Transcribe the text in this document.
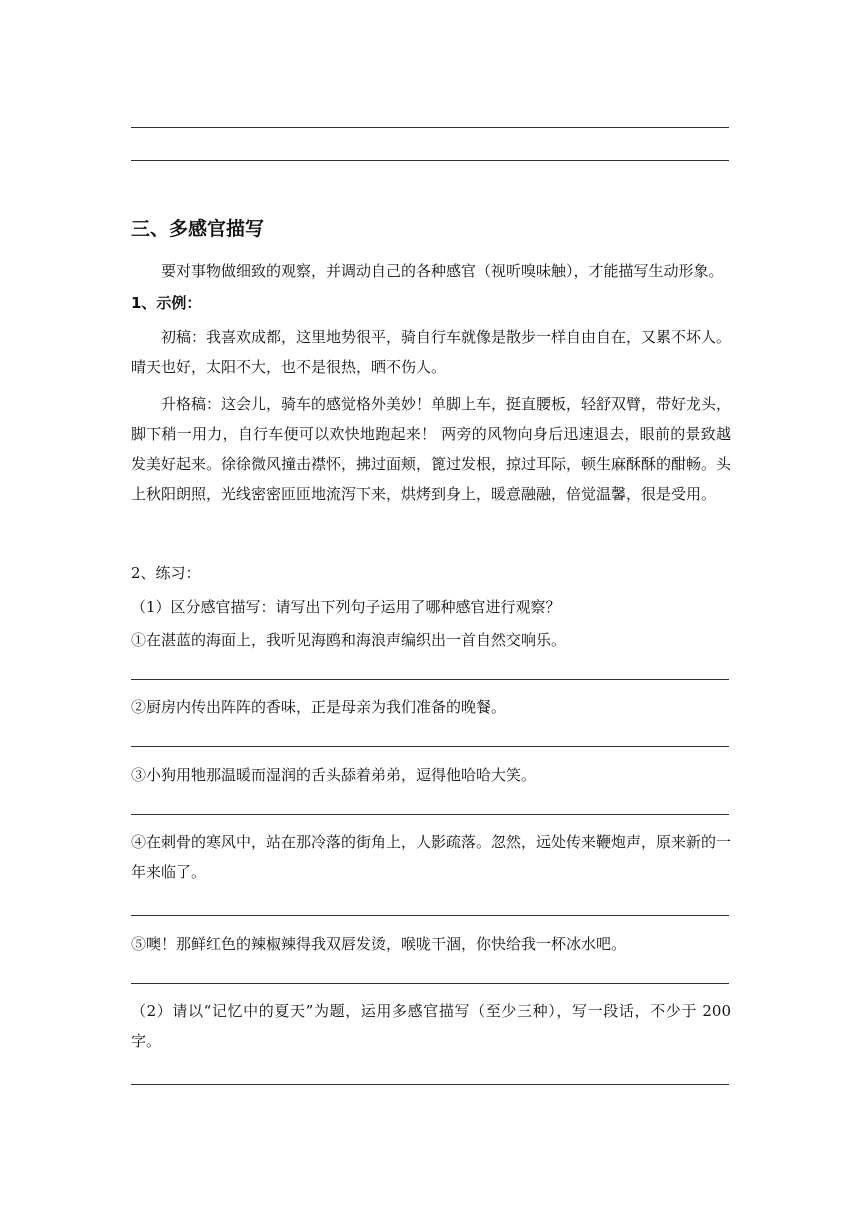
三、多感官描写
要对事物做细致的观察，并调动自己的各种感官（视听嗅味触），才能描写生动形象。
1、示例：
初稿：我喜欢成都，这里地势很平，骑自行车就像是散步一样自由自在，又累不坏人。晴天也好，太阳不大，也不是很热，晒不伤人。
升格稿：这会儿，骑车的感觉格外美妙！单脚上车，挺直腰板，轻舒双臂，带好龙头，脚下稍一用力，自行车便可以欢快地跑起来！ 两旁的风物向身后迅速退去，眼前的景致越发美好起来。徐徐微风撞击襟怀，拂过面颊，篦过发根，掠过耳际，顿生麻酥酥的酣畅。头上秋阳朗照，光线密密匝匝地流泻下来，烘烤到身上，暖意融融，倍觉温馨，很是受用。
2、练习：
（1）区分感官描写：请写出下列句子运用了哪种感官进行观察？
①在湛蓝的海面上，我听见海鸥和海浪声编织出一首自然交响乐。
②厨房内传出阵阵的香味，正是母亲为我们准备的晚餐。
③小狗用牠那温暖而湿润的舌头舔着弟弟，逗得他哈哈大笑。
④在刺骨的寒风中，站在那冷落的街角上，人影疏落。忽然，远处传来鞭炮声，原来新的一年来临了。
⑤噢！那鲜红色的辣椒辣得我双唇发烫，喉咙干涸，你快给我一杯冰水吧。
（2）请以“记忆中的夏天”为题，运用多感官描写（至少三种），写一段话，不少于 200 字。
